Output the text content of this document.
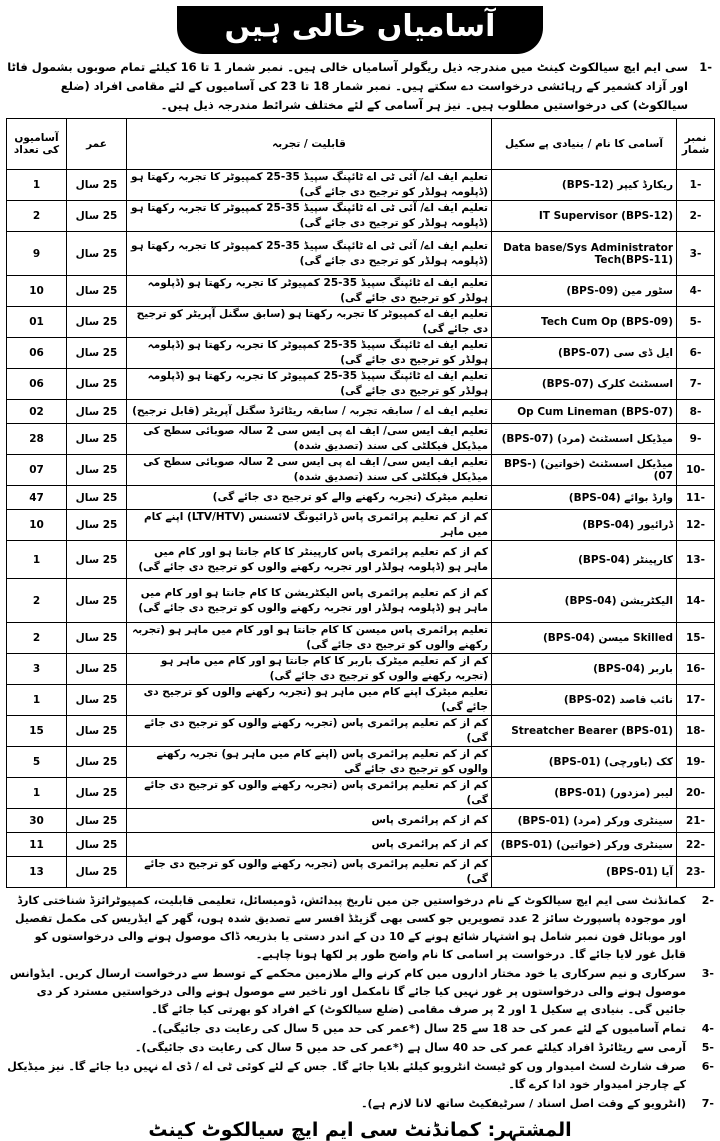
آسامیاں خالی ہیں
-1
سی ایم ایچ سیالکوٹ کینٹ میں مندرجہ ذیل ریگولر آسامیاں خالی ہیں۔ نمبر شمار 1 تا 16 کیلئے تمام صوبوں بشمول فاٹا اور آزاد کشمیر کے رہائشی درخواست دے سکتے ہیں۔ نمبر شمار 18 تا 23 کی آسامیوں کے لئے مقامی افراد (ضلع سیالکوٹ) کی درخواستیں مطلوب ہیں۔ نیز ہر آسامی کے لئے مختلف شرائط مندرجہ ذیل ہیں۔
نمبر شمار	آسامی کا نام / بنیادی پے سکیل	قابلیت / تجربہ	عمر	آسامیوں کی تعداد
-1	ریکارڈ کیپر (BPS-12)	تعلیم ایف اے/ آئی ٹی اے ٹائپنگ سپیڈ 35-25 کمپیوٹر کا تجربہ رکھتا ہو (ڈپلومہ ہولڈر کو ترجیح دی جائے گی)	25 سال	1
-2	IT Supervisor (BPS-12)	تعلیم ایف اے/ آئی ٹی اے ٹائپنگ سپیڈ 35-25 کمپیوٹر کا تجربہ رکھتا ہو (ڈپلومہ ہولڈر کو ترجیح دی جائے گی)	25 سال	2
-3	Data base/Sys Administrator Tech(BPS-11)	تعلیم ایف اے/ آئی ٹی اے ٹائپنگ سپیڈ 35-25 کمپیوٹر کا تجربہ رکھتا ہو (ڈپلومہ ہولڈر کو ترجیح دی جائے گی)	25 سال	9
-4	سٹور مین (BPS-09)	تعلیم ایف اے ٹائپنگ سپیڈ 35-25 کمپیوٹر کا تجربہ رکھتا ہو (ڈپلومہ ہولڈر کو ترجیح دی جائے گی)	25 سال	10
-5	Tech Cum Op (BPS-09)	تعلیم ایف اے کمپیوٹر کا تجربہ رکھتا ہو (سابق سگنل آپریٹر کو ترجیح دی جائے گی)	25 سال	01
-6	ایل ڈی سی (BPS-07)	تعلیم ایف اے ٹائپنگ سپیڈ 35-25 کمپیوٹر کا تجربہ رکھتا ہو (ڈپلومہ ہولڈر کو ترجیح دی جائے گی)	25 سال	06
-7	اسسٹنٹ کلرک (BPS-07)	تعلیم ایف اے ٹائپنگ سپیڈ 35-25 کمپیوٹر کا تجربہ رکھتا ہو (ڈپلومہ ہولڈر کو ترجیح دی جائے گی)	25 سال	06
-8	Op Cum Lineman (BPS-07)	تعلیم ایف اے / سابقہ تجربہ / سابقہ ریٹائرڈ سگنل آپریٹر (قابل ترجیح)	25 سال	02
-9	میڈیکل اسسٹنٹ (مرد) (BPS-07)	تعلیم ایف ایس سی/ ایف اے پی ایس سی 2 سالہ صوبائی سطح کی میڈیکل فیکلٹی کی سند (تصدیق شدہ)	25 سال	28
-10	میڈیکل اسسٹنٹ (خواتین) (BPS-07)	تعلیم ایف ایس سی/ ایف اے پی ایس سی 2 سالہ صوبائی سطح کی میڈیکل فیکلٹی کی سند (تصدیق شدہ)	25 سال	07
-11	وارڈ بوائے (BPS-04)	تعلیم میٹرک (تجربہ رکھنے والے کو ترجیح دی جائے گی)	25 سال	47
-12	ڈرائیور (BPS-04)	کم از کم تعلیم پرائمری پاس ڈرائیونگ لائسنس (LTV/HTV) اپنے کام میں ماہر	25 سال	10
-13	کارپینٹر (BPS-04)	کم از کم تعلیم پرائمری پاس کارپینٹر کا کام جانتا ہو اور کام میں ماہر ہو (ڈپلومہ ہولڈر اور تجربہ رکھنے والوں کو ترجیح دی جائے گی)	25 سال	1
-14	الیکٹریشن (BPS-04)	کم از کم تعلیم پرائمری پاس الیکٹریشن کا کام جانتا ہو اور کام میں ماہر ہو (ڈپلومہ ہولڈر اور تجربہ رکھنے والوں کو ترجیح دی جائے گی)	25 سال	2
-15	Skilled میسن (BPS-04)	تعلیم پرائمری پاس میسن کا کام جانتا ہو اور کام میں ماہر ہو (تجربہ رکھنے والوں کو ترجیح دی جائے گی)	25 سال	2
-16	باربر (BPS-04)	کم از کم تعلیم میٹرک باربر کا کام جانتا ہو اور کام میں ماہر ہو (تجربہ رکھنے والوں کو ترجیح دی جائے گی)	25 سال	3
-17	نائب قاصد (BPS-02)	تعلیم میٹرک اپنے کام میں ماہر ہو (تجربہ رکھنے والوں کو ترجیح دی جائے گی)	25 سال	1
-18	Streatcher Bearer (BPS-01)	کم از کم تعلیم پرائمری پاس (تجربہ رکھنے والوں کو ترجیح دی جائے گی)	25 سال	15
-19	کک (باورچی) (BPS-01)	کم از کم تعلیم پرائمری پاس (اپنے کام میں ماہر ہو) تجربہ رکھنے والوں کو ترجیح دی جائے گی	25 سال	5
-20	لیبر (مزدور) (BPS-01)	کم از کم تعلیم پرائمری پاس (تجربہ رکھنے والوں کو ترجیح دی جائے گی)	25 سال	1
-21	سینٹری ورکر (مرد) (BPS-01)	کم از کم پرائمری پاس	25 سال	30
-22	سینٹری ورکر (خواتین) (BPS-01)	کم از کم پرائمری پاس	25 سال	11
-23	آیا (BPS-01)	کم از کم تعلیم پرائمری پاس (تجربہ رکھنے والوں کو ترجیح دی جائے گی)	25 سال	13
-2
کمانڈنٹ سی ایم ایچ سیالکوٹ کے نام درخواستیں جن میں تاریخ پیدائش، ڈومیسائل، تعلیمی قابلیت، کمپیوٹرائزڈ شناختی کارڈ اور موجودہ پاسپورٹ سائز 2 عدد تصویریں جو کسی بھی گزیٹڈ افسر سے تصدیق شدہ ہوں، گھر کے ایڈریس کی مکمل تفصیل اور موبائل فون نمبر شامل ہو اشتہار شائع ہونے کے 10 دن کے اندر دستی یا بذریعہ ڈاک موصول ہونے والی درخواستوں کو قابل غور لایا جائے گا۔ درخواست پر اسامی کا نام واضح طور پر لکھا ہونا چاہیے۔
-3
سرکاری و نیم سرکاری یا خود مختار اداروں میں کام کرنے والے ملازمین محکمے کے توسط سے درخواست ارسال کریں۔ ایڈوانس موصول ہونے والی درخواستوں پر غور نہیں کیا جائے گا نامکمل اور تاخیر سے موصول ہونے والی درخواستیں مسترد کر دی جائیں گی۔ بنیادی پے سکیل 1 اور 2 پر صرف مقامی (ضلع سیالکوٹ) کے افراد کو بھرتی کیا جائے گا۔
-4
تمام آسامیوں کے لئے عمر کی حد 18 سے 25 سال (*عمر کی حد میں 5 سال کی رعایت دی جائیگی)۔
-5
آرمی سے ریٹائرڈ افراد کیلئے عمر کی حد 40 سال ہے (*عمر کی حد میں 5 سال کی رعایت دی جائیگی)۔
-6
صرف شارٹ لسٹ امیدوار وں کو ٹیسٹ انٹرویو کیلئے بلایا جائے گا۔ جس کے لئے کوئی ٹی اے / ڈی اے نہیں دیا جائے گا۔ نیز میڈیکل کے چارجز امیدوار خود ادا کرے گا۔
-7
(انٹرویو کے وقت اصل اسناد / سرٹیفکیٹ ساتھ لانا لازم ہے)۔
المشتہر: کمانڈنٹ سی ایم ایچ سیالکوٹ کینٹ
